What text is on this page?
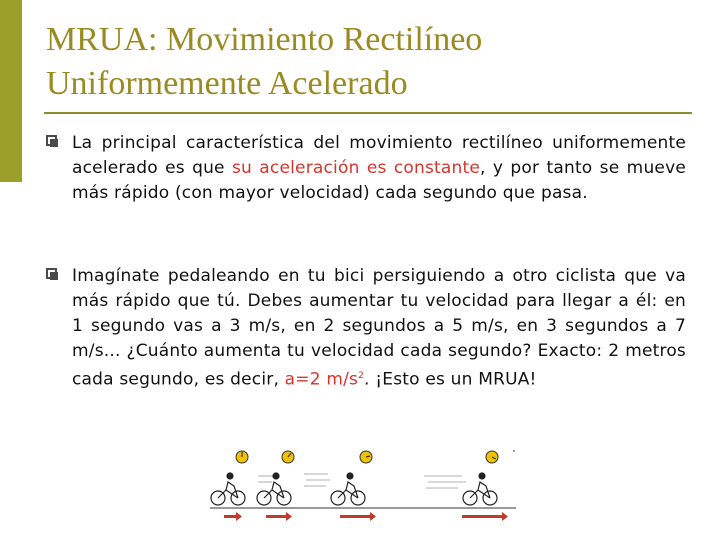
MRUA: Movimiento Rectilíneo
Uniformemente Acelerado
La principal característica del movimiento rectilíneo uniformemente acelerado es que su aceleración es constante, y por tanto se mueve más rápido (con mayor velocidad) cada segundo que pasa.
Imagínate pedaleando en tu bici persiguiendo a otro ciclista que va más rápido que tú. Debes aumentar tu velocidad para llegar a él: en 1 segundo vas a 3 m/s, en 2 segundos a 5 m/s, en 3 segundos a 7 m/s... ¿Cuánto aumenta tu velocidad cada segundo? Exacto: 2 metros cada segundo, es decir, a=2 $m/s^2$. ¡Esto es un MRUA!
